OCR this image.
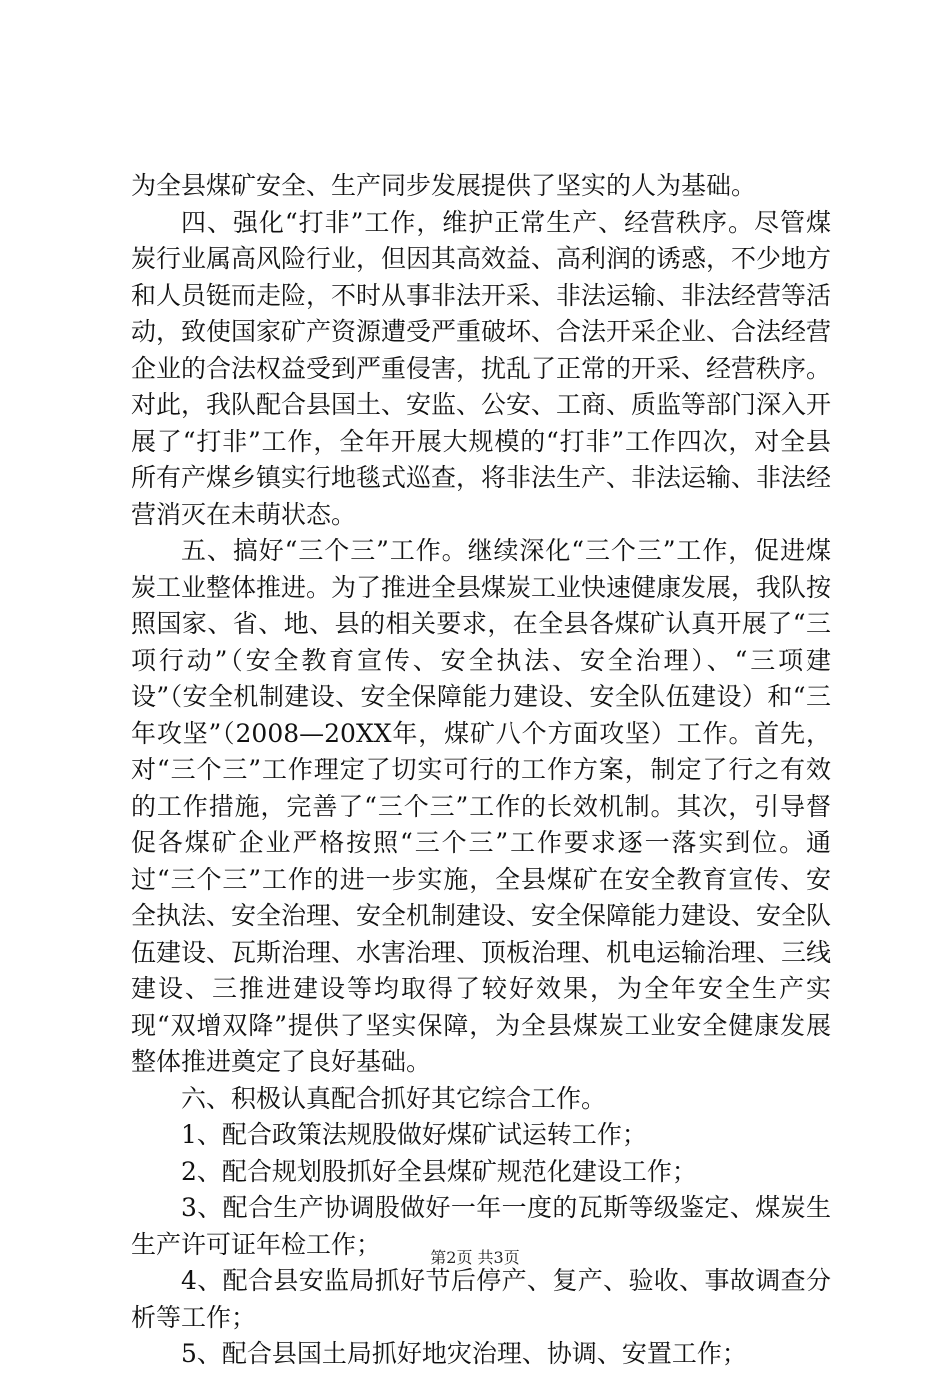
为全县煤矿安全、生产同步发展提供了坚实的人为基础。

四、强化“打非”工作，维护正常生产、经营秩序。尽管煤炭行业属高风险行业，但因其高效益、高利润的诱惑，不少地方和人员铤而走险，不时从事非法开采、非法运输、非法经营等活动，致使国家矿产资源遭受严重破坏、合法开采企业、合法经营企业的合法权益受到严重侵害，扰乱了正常的开采、经营秩序。对此，我队配合县国土、安监、公安、工商、质监等部门深入开展了“打非”工作，全年开展大规模的“打非”工作四次，对全县所有产煤乡镇实行地毯式巡查，将非法生产、非法运输、非法经营消灭在未萌状态。

五、搞好“三个三”工作。继续深化“三个三”工作，促进煤炭工业整体推进。为了推进全县煤炭工业快速健康发展，我队按照国家、省、地、县的相关要求，在全县各煤矿认真开展了“三项行动”（安全教育宣传、安全执法、安全治理）、“三项建设”（安全机制建设、安全保障能力建设、安全队伍建设）和“三年攻坚”（2008—20XX年，煤矿八个方面攻坚）工作。首先，对“三个三”工作理定了切实可行的工作方案，制定了行之有效的工作措施，完善了“三个三”工作的长效机制。其次，引导督促各煤矿企业严格按照“三个三”工作要求逐一落实到位。通过“三个三”工作的进一步实施，全县煤矿在安全教育宣传、安全执法、安全治理、安全机制建设、安全保障能力建设、安全队伍建设、瓦斯治理、水害治理、顶板治理、机电运输治理、三线建设、三推进建设等均取得了较好效果，为全年安全生产实现“双增双降”提供了坚实保障，为全县煤炭工业安全健康发展整体推进奠定了良好基础。

六、积极认真配合抓好其它综合工作。

1、配合政策法规股做好煤矿试运转工作；

2、配合规划股抓好全县煤矿规范化建设工作；

3、配合生产协调股做好一年一度的瓦斯等级鉴定、煤炭生生产许可证年检工作；

4、配合县安监局抓好节后停产、复产、验收、事故调查分析等工作；

5、配合县国土局抓好地灾治理、协调、安置工作；

第2页 共3页
